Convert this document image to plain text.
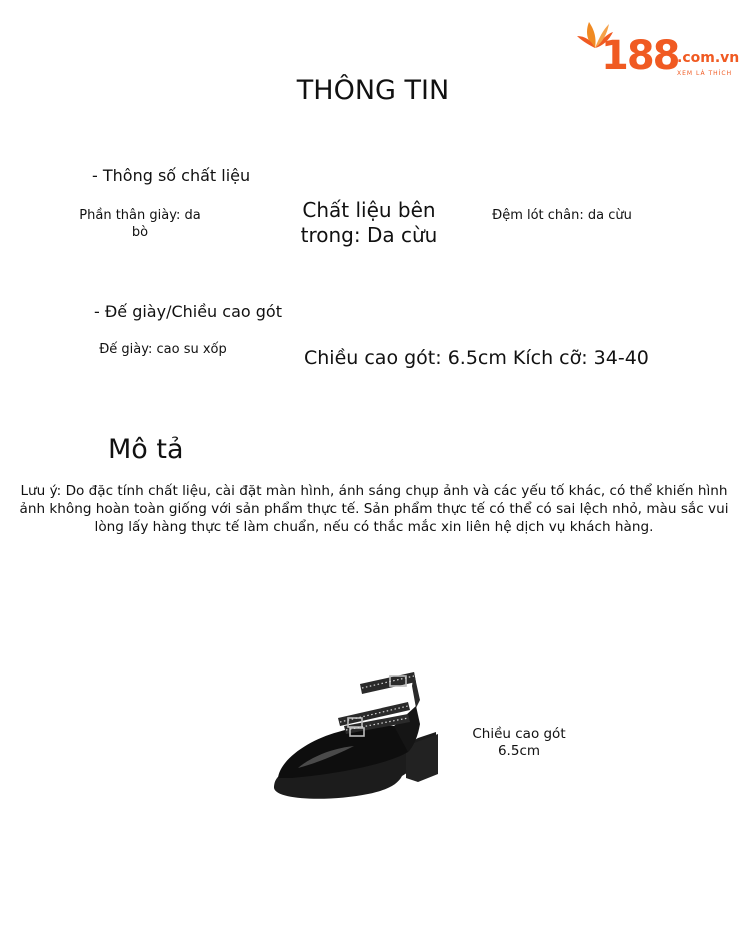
188
.com.vn
XEM LÀ THÍCH
THÔNG TIN
- Thông số chất liệu
Phần thân giày: da bò
Chất liệu bên trong: Da cừu
Đệm lót chân: da cừu
- Đế giày/Chiều cao gót
Đế giày: cao su xốp	Chiều cao gót: 6.5cm Kích cỡ: 34-40
Mô tả
Lưu ý: Do đặc tính chất liệu, cài đặt màn hình, ánh sáng chụp ảnh và các yếu tố khác, có thể khiến hình ảnh không hoàn toàn giống với sản phẩm thực tế. Sản phẩm thực tế có thể có sai lệch nhỏ, màu sắc vui lòng lấy hàng thực tế làm chuẩn, nếu có thắc mắc xin liên hệ dịch vụ khách hàng.
Chiều cao gót 6.5cm
